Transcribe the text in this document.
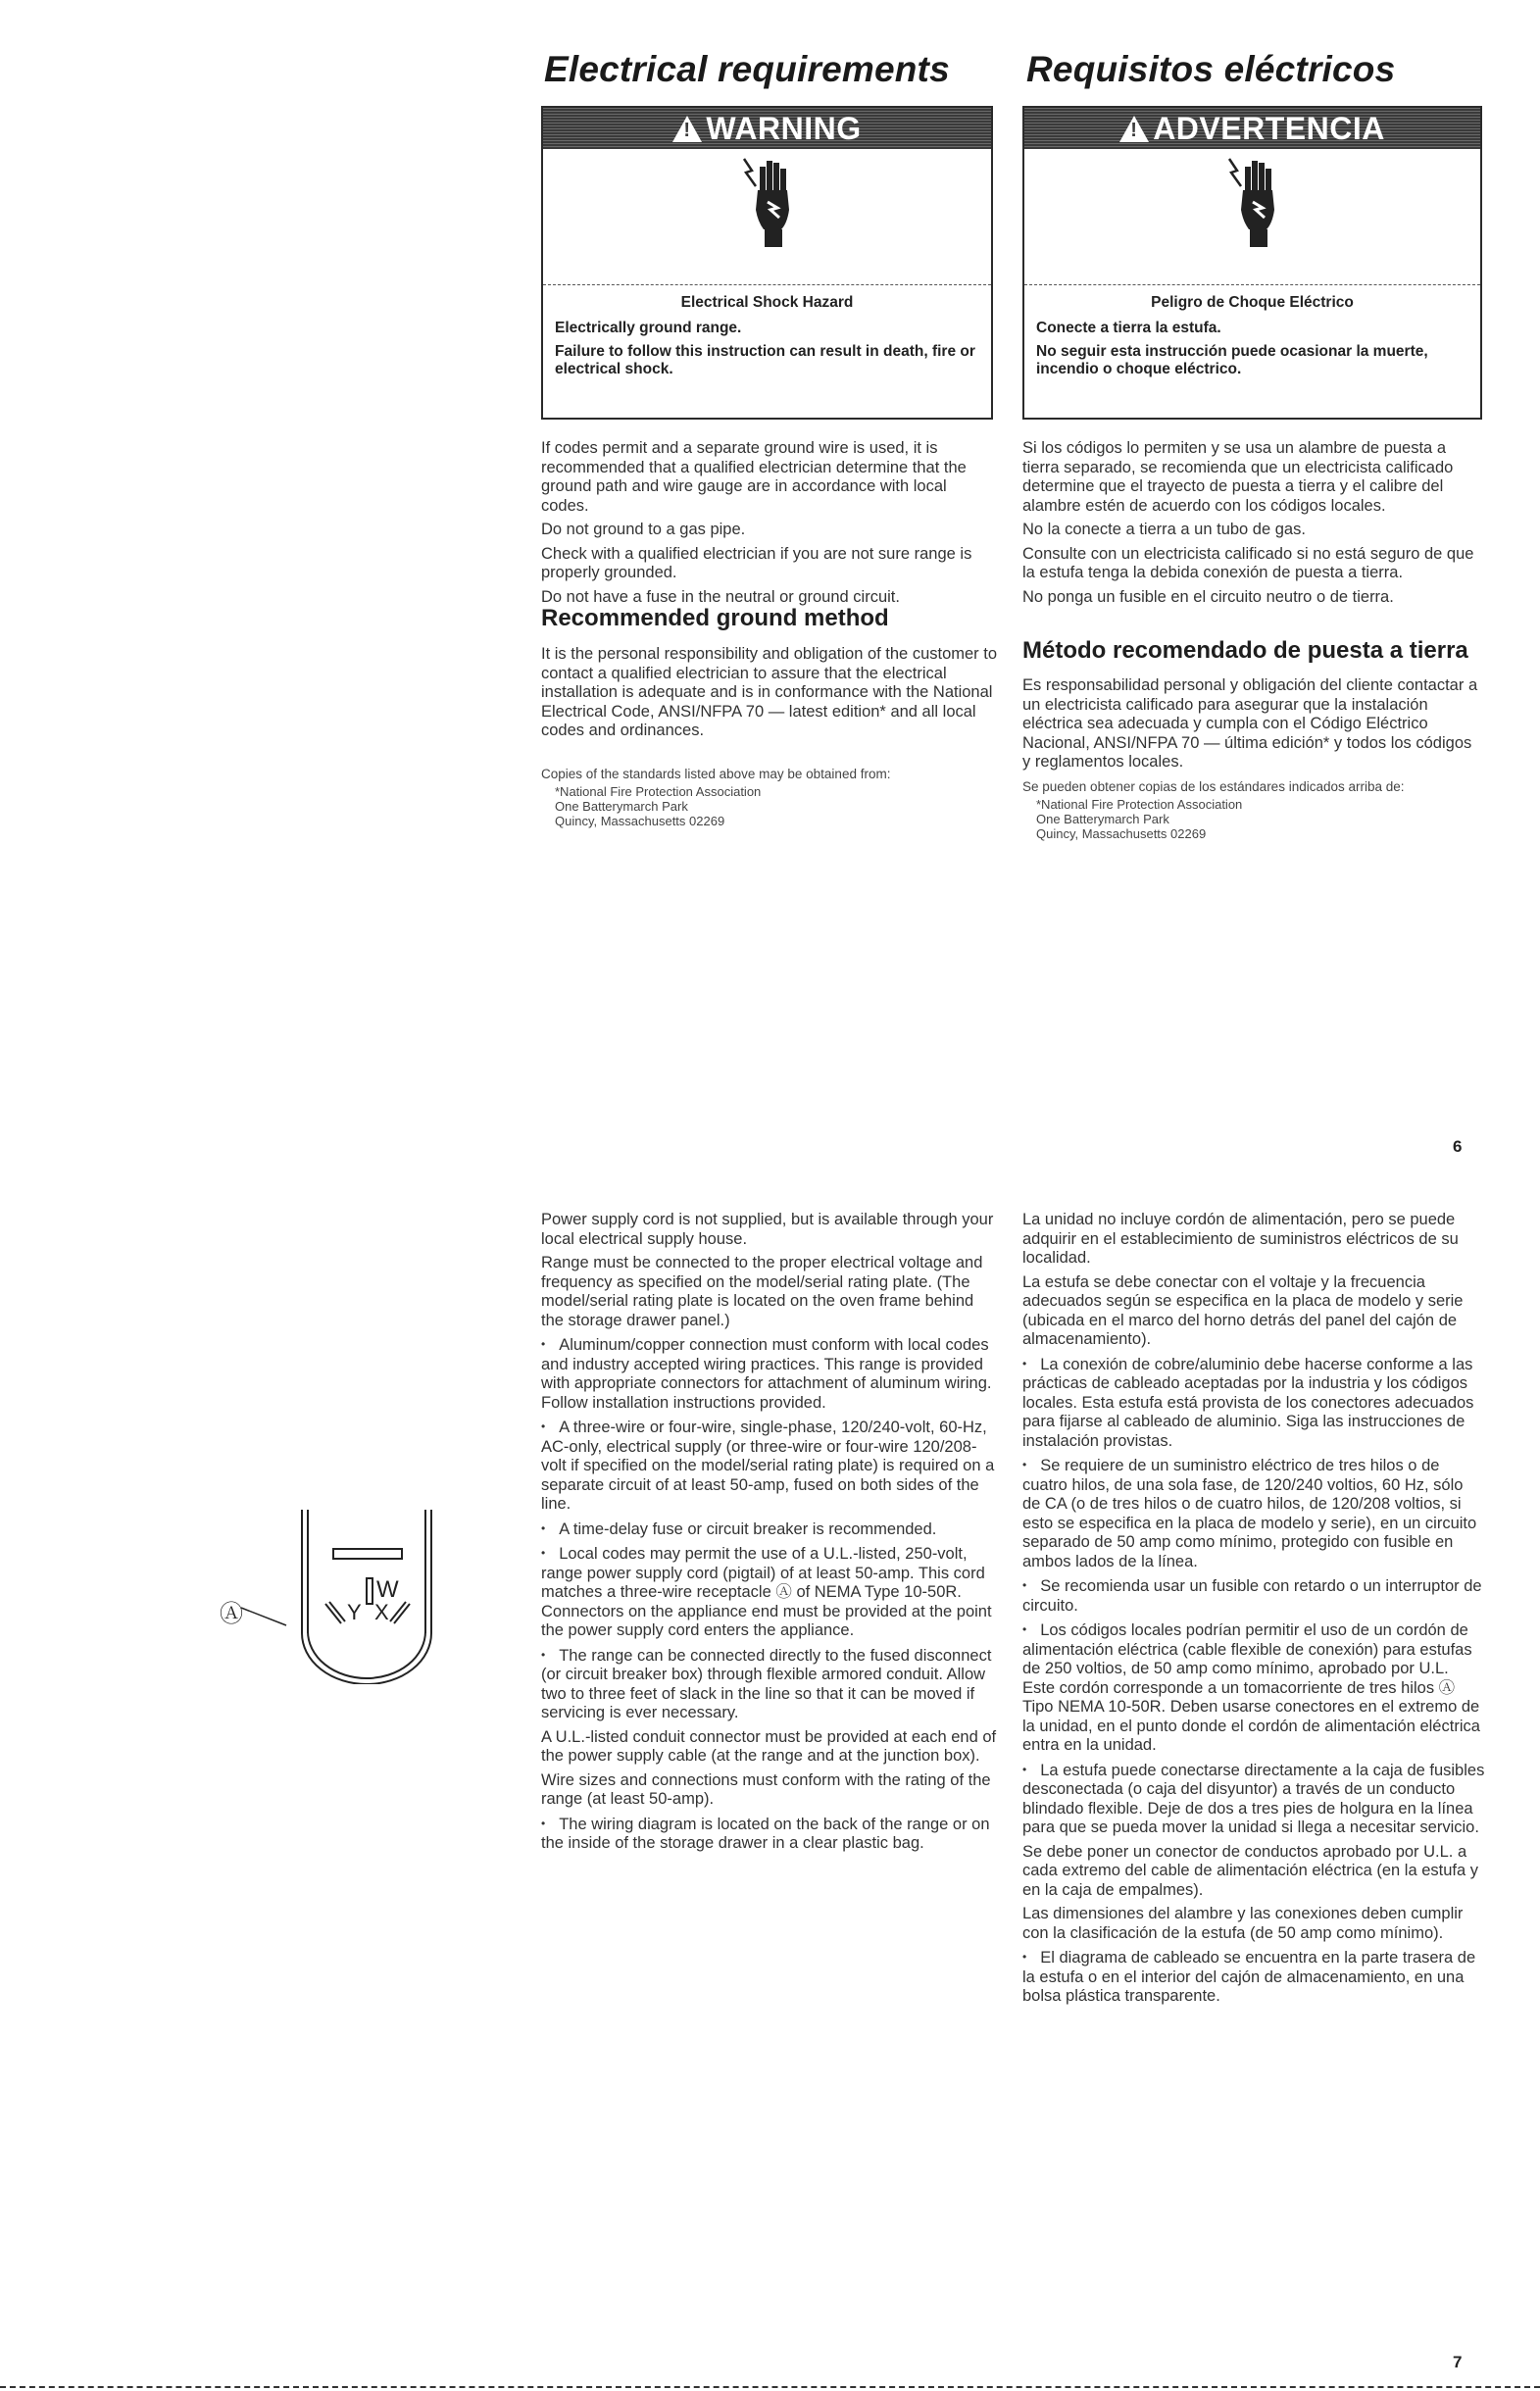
Electrical requirements
!
WARNING
Electrical Shock Hazard
Electrically ground range.
Failure to follow this instruction can result in death, fire or electrical shock.

If codes permit and a separate ground wire is used, it is recommended that a qualified electrician determine that the ground path and wire gauge are in accordance with local codes.

Do not ground to a gas pipe.

Check with a qualified electrician if you are not sure range is properly grounded.

Do not have a fuse in the neutral or ground circuit.

Recommended ground method

It is the personal responsibility and obligation of the customer to contact a qualified electrician to assure that the electrical installation is adequate and is in conformance with the National Electrical Code, ANSI/NFPA 70 — latest edition* and all local codes and ordinances.

Copies of the standards listed above may be obtained from:
*National Fire Protection Association
One Batterymarch Park
Quincy, Massachusetts 02269
Requisitos eléctricos
!
ADVERTENCIA
Peligro de Choque Eléctrico
Conecte a tierra la estufa.
No seguir esta instrucción puede ocasionar la muerte, incendio o choque eléctrico.

Si los códigos lo permiten y se usa un alambre de puesta a tierra separado, se recomienda que un electricista calificado determine que el trayecto de puesta a tierra y el calibre del alambre estén de acuerdo con los códigos locales.

No la conecte a tierra a un tubo de gas.

Consulte con un electricista calificado si no está seguro de que la estufa tenga la debida conexión de puesta a tierra.

No ponga un fusible en el circuito neutro o de tierra.

Método recomendado de puesta a tierra

Es responsabilidad personal y obligación del cliente contactar a un electricista calificado para asegurar que la instalación eléctrica sea adecuada y cumpla con el Código Eléctrico Nacional, ANSI/NFPA 70 — última edición* y todos los códigos y reglamentos locales.

Se pueden obtener copias de los estándares indicados arriba de:
*National Fire Protection Association
One Batterymarch Park
Quincy, Massachusetts 02269
6
Ⓐ
W
Y X

Power supply cord is not supplied, but is available through your local electrical supply house.

Range must be connected to the proper electrical voltage and frequency as specified on the model/serial rating plate. (The model/serial rating plate is located on the oven frame behind the storage drawer panel.)

• Aluminum/copper connection must conform with local codes and industry accepted wiring practices. This range is provided with appropriate connectors for attachment of aluminum wiring. Follow installation instructions provided.

• A three-wire or four-wire, single-phase, 120/240-volt, 60-Hz, AC-only, electrical supply (or three-wire or four-wire 120/208-volt if specified on the model/serial rating plate) is required on a separate circuit of at least 50-amp, fused on both sides of the line.

• A time-delay fuse or circuit breaker is recommended.

• Local codes may permit the use of a U.L.-listed, 250-volt, range power supply cord (pigtail) of at least 50-amp. This cord matches a three-wire receptacle Ⓐ of NEMA Type 10-50R. Connectors on the appliance end must be provided at the point the power supply cord enters the appliance.

• The range can be connected directly to the fused disconnect (or circuit breaker box) through flexible armored conduit. Allow two to three feet of slack in the line so that it can be moved if servicing is ever necessary.

A U.L.-listed conduit connector must be provided at each end of the power supply cable (at the range and at the junction box).

Wire sizes and connections must conform with the rating of the range (at least 50-amp).

• The wiring diagram is located on the back of the range or on the inside of the storage drawer in a clear plastic bag.

La unidad no incluye cordón de alimentación, pero se puede adquirir en el establecimiento de suministros eléctricos de su localidad.

La estufa se debe conectar con el voltaje y la frecuencia adecuados según se especifica en la placa de modelo y serie (ubicada en el marco del horno detrás del panel del cajón de almacenamiento).

• La conexión de cobre/aluminio debe hacerse conforme a las prácticas de cableado aceptadas por la industria y los códigos locales. Esta estufa está provista de los conectores adecuados para fijarse al cableado de aluminio. Siga las instrucciones de instalación provistas.

• Se requiere de un suministro eléctrico de tres hilos o de cuatro hilos, de una sola fase, de 120/240 voltios, 60 Hz, sólo de CA (o de tres hilos o de cuatro hilos, de 120/208 voltios, si esto se especifica en la placa de modelo y serie), en un circuito separado de 50 amp como mínimo, protegido con fusible en ambos lados de la línea.

• Se recomienda usar un fusible con retardo o un interruptor de circuito.

• Los códigos locales podrían permitir el uso de un cordón de alimentación eléctrica (cable flexible de conexión) para estufas de 250 voltios, de 50 amp como mínimo, aprobado por U.L. Este cordón corresponde a un tomacorriente de tres hilos Ⓐ Tipo NEMA 10-50R. Deben usarse conectores en el extremo de la unidad, en el punto donde el cordón de alimentación eléctrica entra en la unidad.

• La estufa puede conectarse directamente a la caja de fusibles desconectada (o caja del disyuntor) a través de un conducto blindado flexible. Deje de dos a tres pies de holgura en la línea para que se pueda mover la unidad si llega a necesitar servicio.

Se debe poner un conector de conductos aprobado por U.L. a cada extremo del cable de alimentación eléctrica (en la estufa y en la caja de empalmes).

Las dimensiones del alambre y las conexiones deben cumplir con la clasificación de la estufa (de 50 amp como mínimo).

• El diagrama de cableado se encuentra en la parte trasera de la estufa o en el interior del cajón de almacenamiento, en una bolsa plástica transparente.

7
